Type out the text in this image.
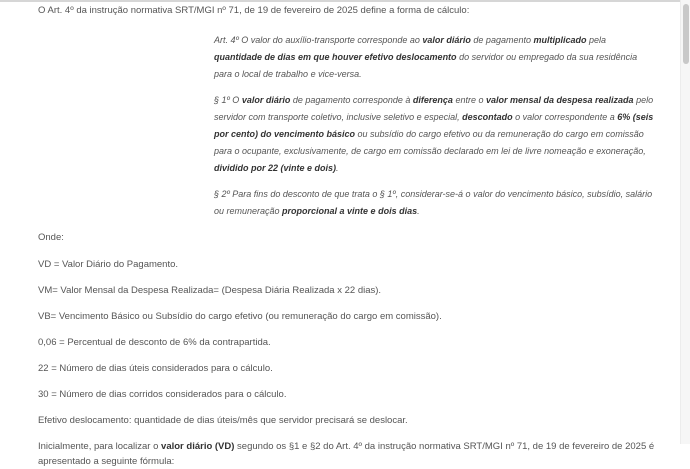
O Art. 4º da instrução normativa SRT/MGI nº 71, de 19 de fevereiro de 2025 define a forma de cálculo:

Art. 4º O valor do auxílio-transporte corresponde ao valor diário de pagamento multiplicado pela quantidade de dias em que houver efetivo deslocamento do servidor ou empregado da sua residência para o local de trabalho e vice-versa.

§ 1º O valor diário de pagamento corresponde à diferença entre o valor mensal da despesa realizada pelo servidor com transporte coletivo, inclusive seletivo e especial, descontado o valor correspondente a 6% (seis por cento) do vencimento básico ou subsídio do cargo efetivo ou da remuneração do cargo em comissão para o ocupante, exclusivamente, de cargo em comissão declarado em lei de livre nomeação e exoneração, dividido por 22 (vinte e dois).

§ 2º Para fins do desconto de que trata o § 1º, considerar-se-á o valor do vencimento básico, subsídio, salário ou remuneração proporcional a vinte e dois dias.

Onde:

VD = Valor Diário do Pagamento.

VM= Valor Mensal da Despesa Realizada= (Despesa Diária Realizada x 22 dias).

VB= Vencimento Básico ou Subsídio do cargo efetivo (ou remuneração do cargo em comissão).

0,06 = Percentual de desconto de 6% da contrapartida.

22 = Número de dias úteis considerados para o cálculo.

30 = Número de dias corridos considerados para o cálculo.

Efetivo deslocamento: quantidade de dias úteis/mês que servidor precisará se deslocar.

Inicialmente, para localizar o valor diário (VD) segundo os §1 e §2 do Art. 4º da instrução normativa SRT/MGI nº 71, de 19 de fevereiro de 2025 é apresentado a seguinte fórmula:
